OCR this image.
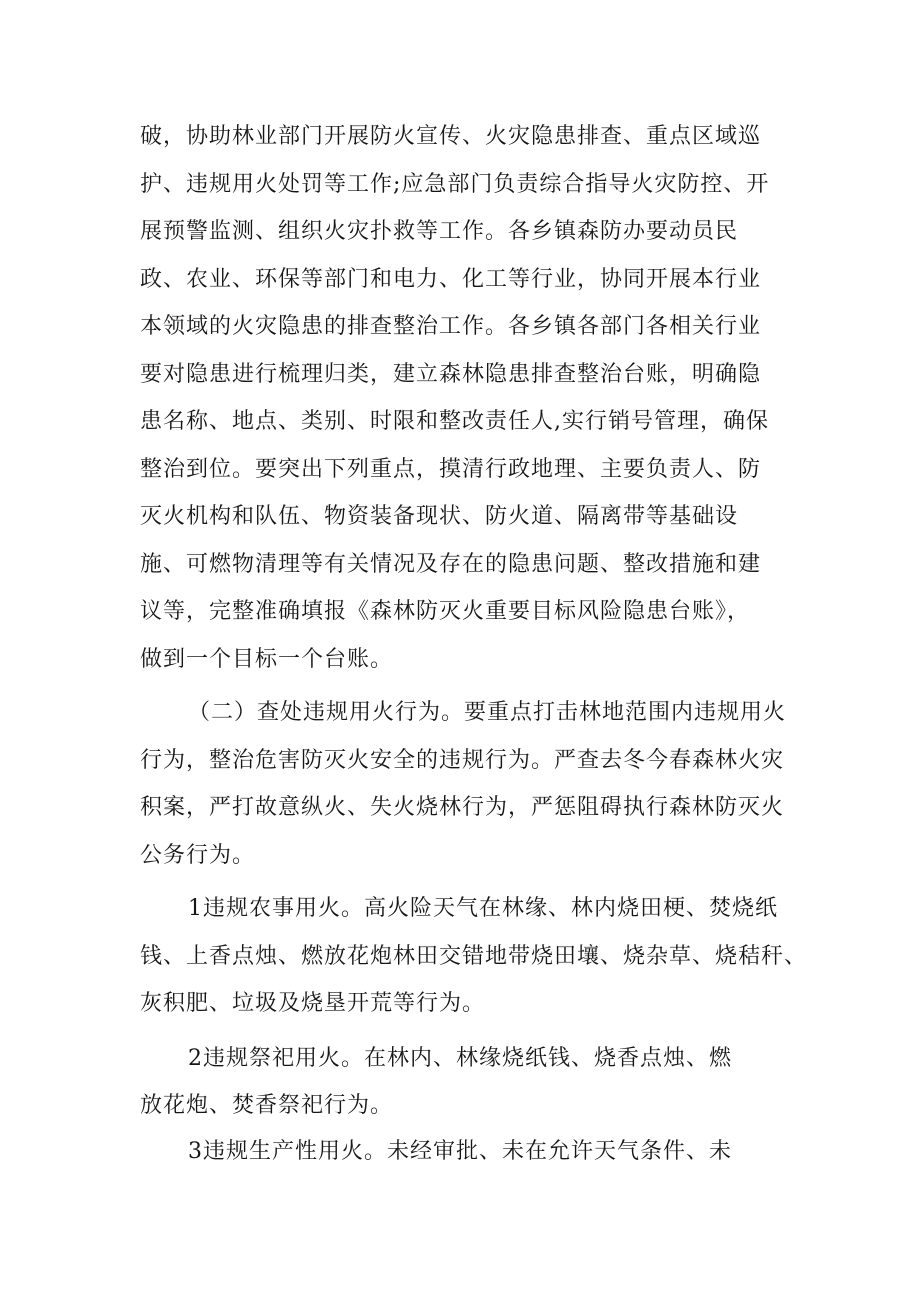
破，协助林业部门开展防火宣传、火灾隐患排查、重点区域巡
护、违规用火处罚等工作;应急部门负责综合指导火灾防控、开
展预警监测、组织火灾扑救等工作。各乡镇森防办要动员民
政、农业、环保等部门和电力、化工等行业，协同开展本行业
本领域的火灾隐患的排查整治工作。各乡镇各部门各相关行业
要对隐患进行梳理归类，建立森林隐患排查整治台账，明确隐
患名称、地点、类别、时限和整改责任人,实行销号管理，确保
整治到位。要突出下列重点，摸清行政地理、主要负责人、防
灭火机构和队伍、物资装备现状、防火道、隔离带等基础设
施、可燃物清理等有关情况及存在的隐患问题、整改措施和建
议等，完整准确填报《森林防灭火重要目标风险隐患台账》，
做到一个目标一个台账。
（二）查处违规用火行为。要重点打击林地范围内违规用火
行为，整治危害防灭火安全的违规行为。严查去冬今春森林火灾
积案，严打故意纵火、失火烧林行为，严惩阻碍执行森林防灭火
公务行为。
1违规农事用火。高火险天气在林缘、林内烧田梗、焚烧纸
钱、上香点烛、燃放花炮林田交错地带烧田壤、烧杂草、烧秸秆、
灰积肥、垃圾及烧垦开荒等行为。
2违规祭祀用火。在林内、林缘烧纸钱、烧香点烛、燃
放花炮、焚香祭祀行为。
3违规生产性用火。未经审批、未在允许天气条件、未
